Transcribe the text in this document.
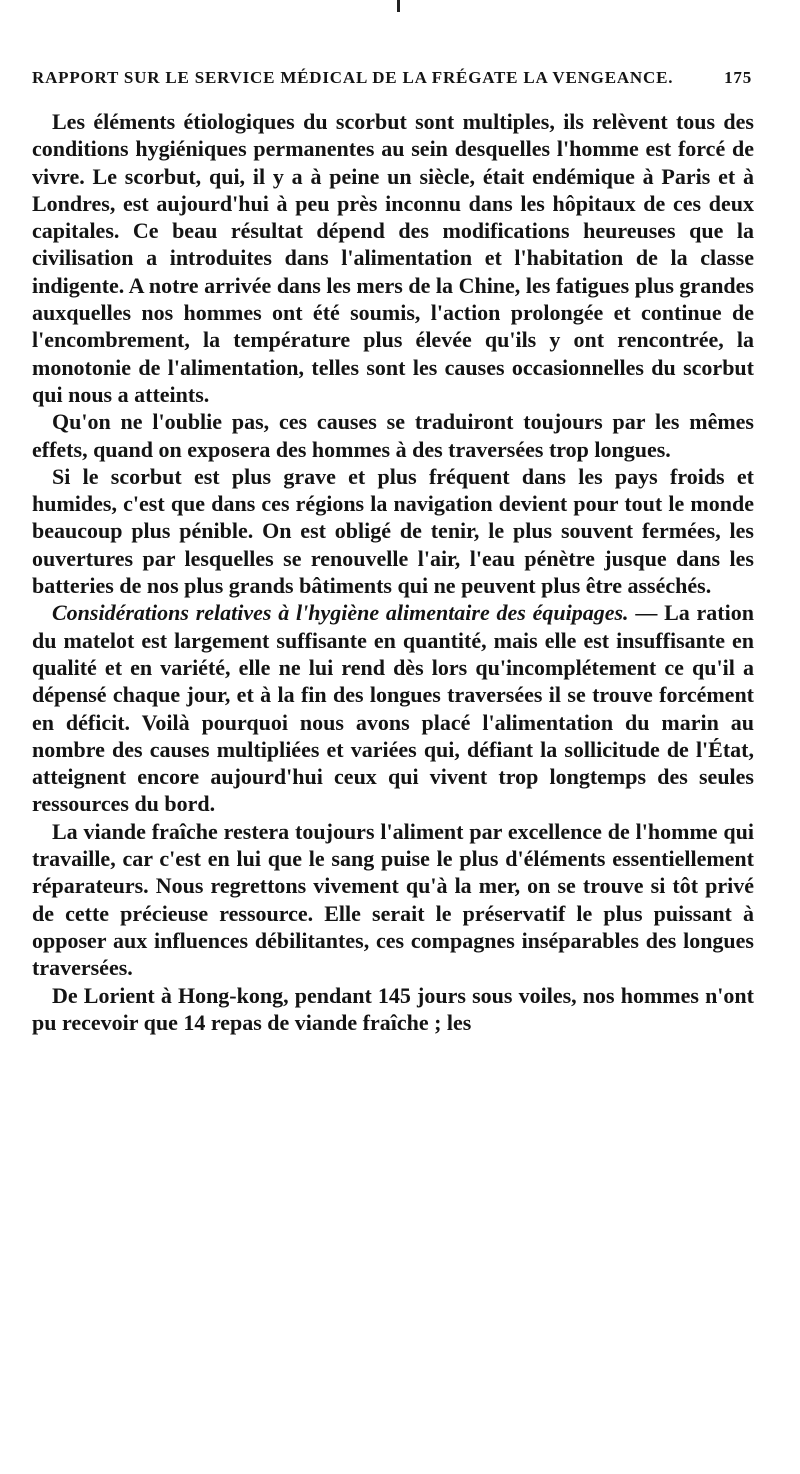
RAPPORT SUR LE SERVICE MÉDICAL DE LA FRÉGATE LA VENGEANCE.	175

Les éléments étiologiques du scorbut sont multiples, ils relèvent tous des conditions hygiéniques permanentes au sein desquelles l'homme est forcé de vivre. Le scorbut, qui, il y a à peine un siècle, était endémique à Paris et à Londres, est aujourd'hui à peu près inconnu dans les hôpitaux de ces deux capitales. Ce beau résultat dépend des modifications heureuses que la civilisation a introduites dans l'alimentation et l'habitation de la classe indigente. A notre arrivée dans les mers de la Chine, les fatigues plus grandes auxquelles nos hommes ont été soumis, l'action prolongée et continue de l'encombrement, la température plus élevée qu'ils y ont rencontrée, la monotonie de l'alimentation, telles sont les causes occasionnelles du scorbut qui nous a atteints.

Qu'on ne l'oublie pas, ces causes se traduiront toujours par les mêmes effets, quand on exposera des hommes à des traversées trop longues.

Si le scorbut est plus grave et plus fréquent dans les pays froids et humides, c'est que dans ces régions la navigation devient pour tout le monde beaucoup plus pénible. On est obligé de tenir, le plus souvent fermées, les ouvertures par lesquelles se renouvelle l'air, l'eau pénètre jusque dans les batteries de nos plus grands bâtiments qui ne peuvent plus être asséchés.

Considérations relatives à l'hygiène alimentaire des équipages. — La ration du matelot est largement suffisante en quantité, mais elle est insuffisante en qualité et en variété, elle ne lui rend dès lors qu'incomplétement ce qu'il a dépensé chaque jour, et à la fin des longues traversées il se trouve forcément en déficit. Voilà pourquoi nous avons placé l'alimentation du marin au nombre des causes multipliées et variées qui, défiant la sollicitude de l'État, atteignent encore aujourd'hui ceux qui vivent trop longtemps des seules ressources du bord.

La viande fraîche restera toujours l'aliment par excellence de l'homme qui travaille, car c'est en lui que le sang puise le plus d'éléments essentiellement réparateurs. Nous regrettons vivement qu'à la mer, on se trouve si tôt privé de cette précieuse ressource. Elle serait le préservatif le plus puissant à opposer aux influences débilitantes, ces compagnes inséparables des longues traversées.

De Lorient à Hong-kong, pendant 145 jours sous voiles, nos hommes n'ont pu recevoir que 14 repas de viande fraîche ; les
